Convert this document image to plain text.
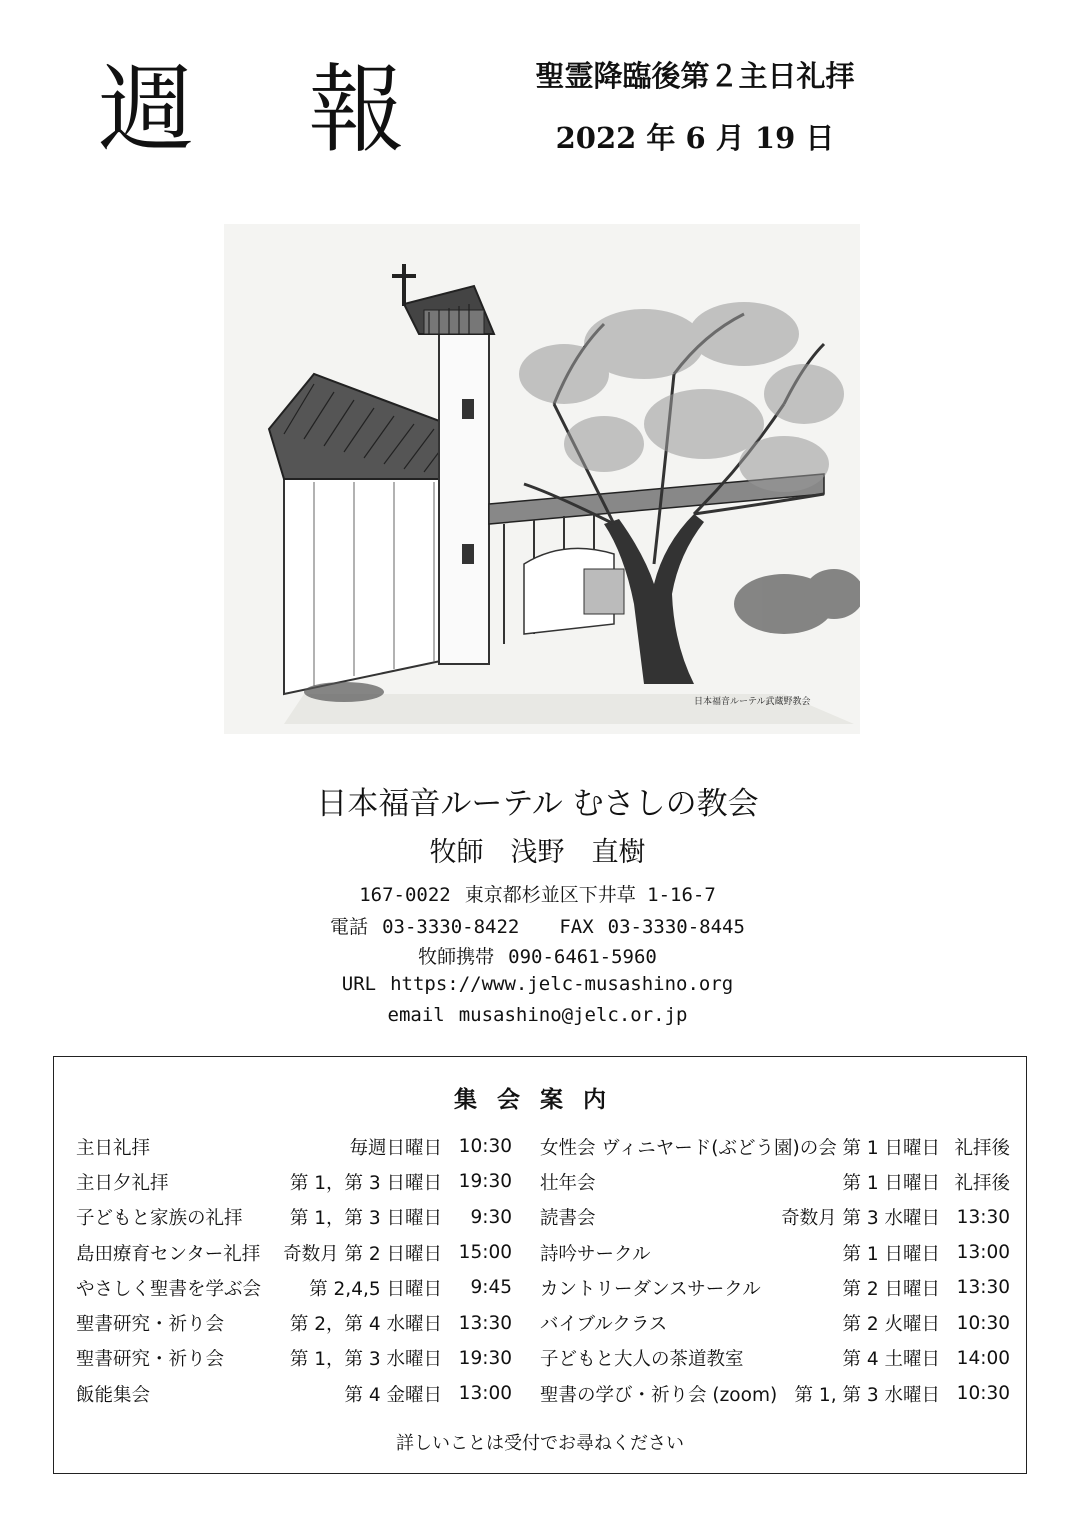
週 報	聖霊降臨後第２主日礼拝
2022 年 6 月 19 日
日本福音ルーテル武蔵野教会
日本福音ルーテル むさしの教会
牧師　浅野　直樹
167-0022 東京都杉並区下井草 1-16-7
電話 03-3330-8422 FAX 03-3330-8445
牧師携帯 090-6461-5960
URL https://www.jelc-musashino.org
email musashino@jelc.or.jp
集会案内
主日礼拝	毎週日曜日 10:30
主日夕礼拝	第 1，第 3 日曜日 19:30
子どもと家族の礼拝	第 1，第 3 日曜日	9:30
島田療育センター礼拝	奇数月 第 2 日曜日 15:00
やさしく聖書を学ぶ会	第 2,4,5 日曜日	9:45
聖書研究・祈り会	第 2，第 4 水曜日 13:30
聖書研究・祈り会	第 1，第 3 水曜日 19:30
飯能集会	第 4 金曜日 13:00
女性会 ヴィニヤード(ぶどう園)の会 第 1 日曜日 礼拝後
壮年会	第 1 日曜日 礼拝後
読書会	奇数月 第 3 水曜日 13:30
詩吟サークル	第 1 日曜日 13:00
カントリーダンスサークル	第 2 日曜日 13:30
バイブルクラス	第 2 火曜日 10:30
子どもと大人の茶道教室	第 4 土曜日 14:00
聖書の学び・祈り会 (zoom) 第 1, 第 3 水曜日 10:30
詳しいことは受付でお尋ねください
